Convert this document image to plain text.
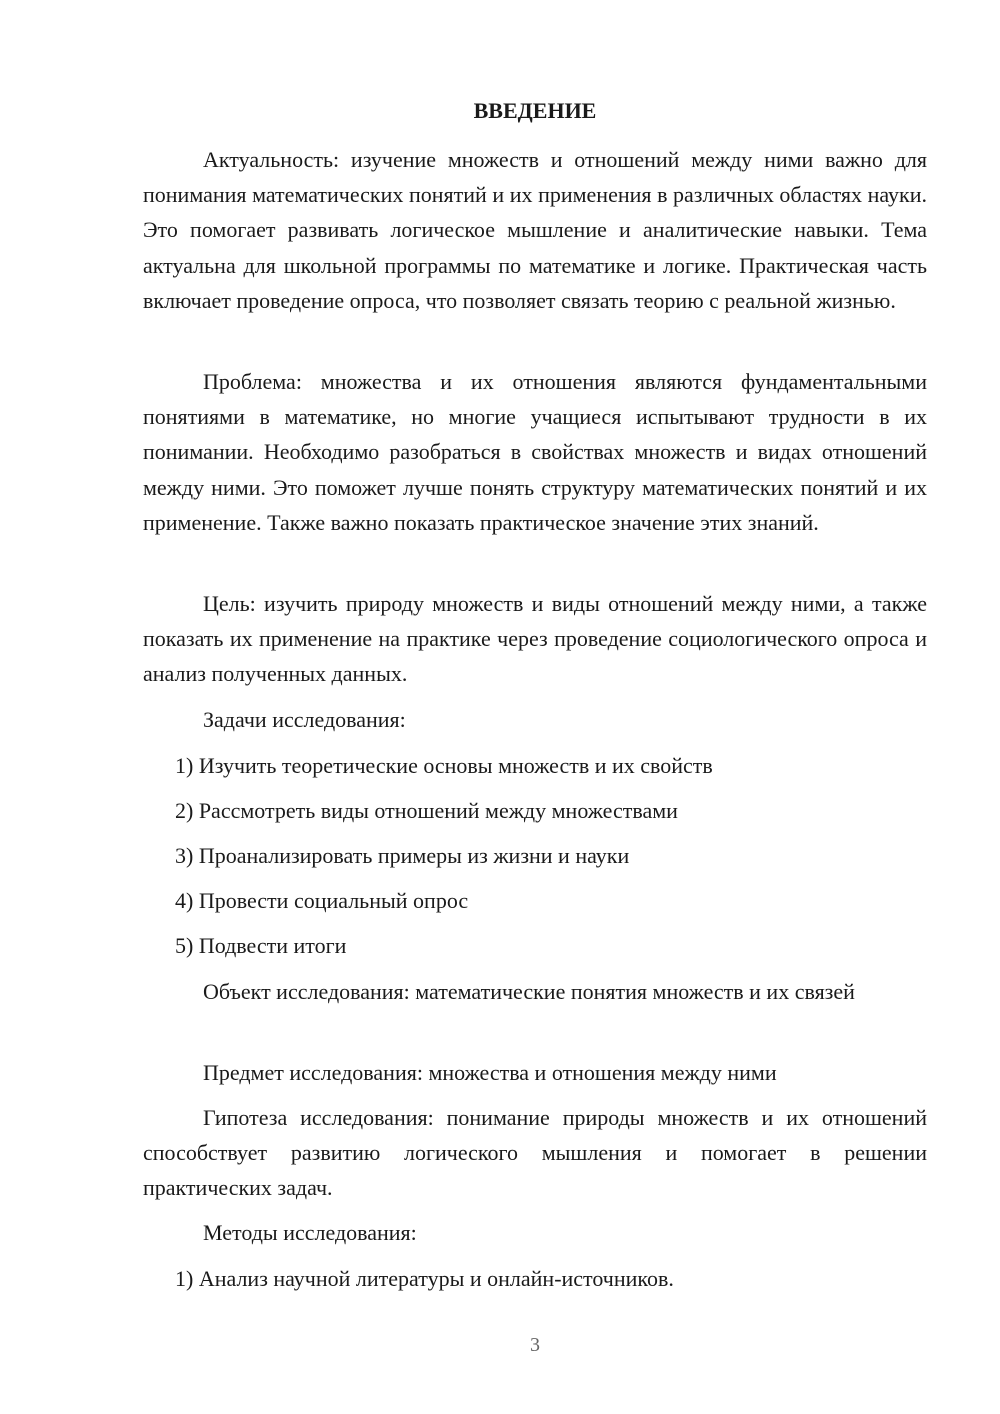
ВВЕДЕНИЕ

Актуальность: изучение множеств и отношений между ними важно для понимания математических понятий и их применения в различных областях науки. Это помогает развивать логическое мышление и аналитические навыки. Тема актуальна для школьной программы по математике и логике. Практическая часть включает проведение опроса, что позволяет связать теорию с реальной жизнью.

Проблема: множества и их отношения являются фундаментальными понятиями в математике, но многие учащиеся испытывают трудности в их понимании. Необходимо разобраться в свойствах множеств и видах отношений между ними. Это поможет лучше понять структуру математических понятий и их применение. Также важно показать практическое значение этих знаний.

Цель: изучить природу множеств и виды отношений между ними, а также показать их применение на практике через проведение социологического опроса и анализ полученных данных.

Задачи исследования:

1) Изучить теоретические основы множеств и их свойств

2) Рассмотреть виды отношений между множествами

3) Проанализировать примеры из жизни и науки

4) Провести социальный опрос

5) Подвести итоги

Объект исследования: математические понятия множеств и их связей

Предмет исследования: множества и отношения между ними

Гипотеза исследования: понимание природы множеств и их отношений способствует развитию логического мышления и помогает в решении практических задач.

Методы исследования:

1) Анализ научной литературы и онлайн-источников.

3
